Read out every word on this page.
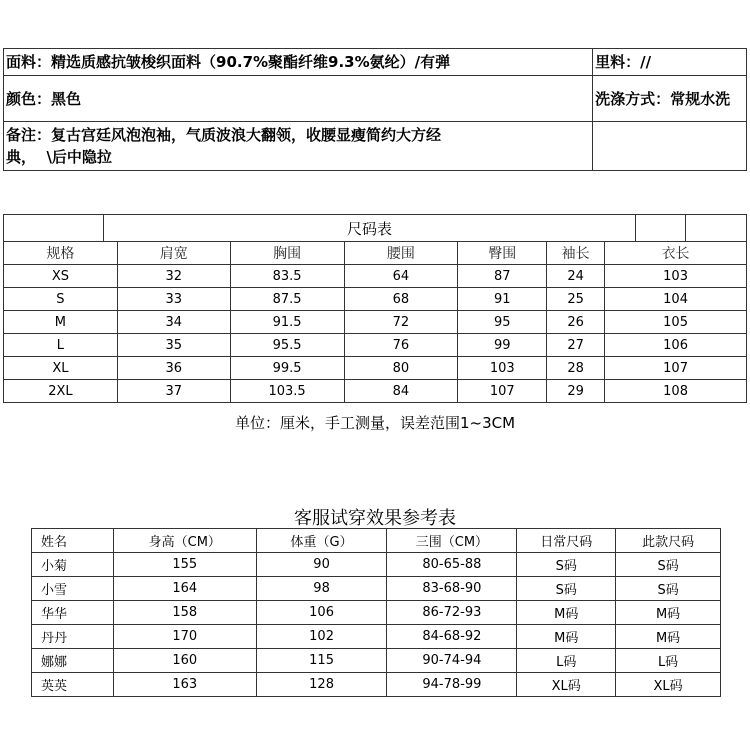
面料：精选质感抗皱梭织面料（90.7%聚酯纤维9.3%氨纶）/有弹	里料：//
颜色：黑色	洗涤方式：常规水洗

备注：复古宫廷风泡泡袖，气质波浪大翻领，收腰显瘦简约大方经
典，  \后中隐拉	

	尺码表								
规格		肩宽	胸围	腰围	臀围	袖长	衣长		
XS		32	83.5	64	87	24	103		
S		33	87.5	68	91	25	104		
M		34	91.5	72	95	26	105		
L		35	95.5	76	99	27	106		
XL		36	99.5	80	103	28	107		
2XL		37	103.5	84	107	29	108		
单位：厘米，手工测量，误差范围1~3CM
客服试穿效果参考表
姓名	身高（CM）	体重（G）	三围（CM）	日常尺码	此款尺码
小菊	155	90	80-65-88	S码	S码
小雪	164	98	83-68-90	S码	S码
华华	158	106	86-72-93	M码	M码
丹丹	170	102	84-68-92	M码	M码
娜娜	160	115	90-74-94	L码	L码
英英	163	128	94-78-99	XL码	XL码
